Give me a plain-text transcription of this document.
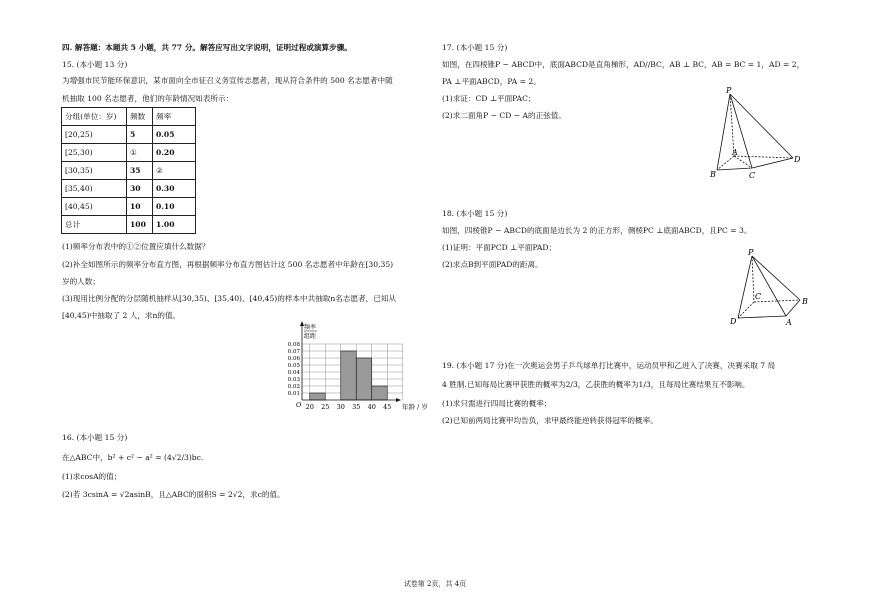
四. 解答题：本题共 5 小题，共 77 分。解答应写出文字说明，证明过程或演算步骤。
15. (本小题 13 分)
为增强市民节能环保意识，某市面向全市征召义务宣传志愿者，现从符合条件的 500 名志愿者中随
机抽取 100 名志愿者，他们的年龄情况如表所示：
分组(单位：岁)	频数	频率
[20,25)	5	0.05
[25,30)	①	0.20
[30,35)	35	②
[35,40)	30	0.30
[40,45)	10	0.10
总计	100	1.00
(1)频率分布表中的①②位置应填什么数据？
(2)补全如图所示的频率分布直方图，再根据频率分布直方图估计这 500 名志愿者中年龄在[30,35)
岁的人数；
(3)现用比例分配的分层随机抽样从[30,35)、[35,40)、[40,45)的样本中共抽取n名志愿者，已知从
[40,45)中抽取了 2 人，求n的值。
频率
组距
O
0.08
0.07
0.06
0.05
0.04
0.03
0.02
0.01
20 25 30 35 40 45 年龄 / 岁
16. (本小题 15 分)
在△ABC中，b² + c² − a² = (4√2/3)bc.
(1)求cosA的值；
(2)若 3csinA = √2asinB，且△ABC的面积S = 2√2，求c的值。
17. (本小题 15 分)
如图，在四棱锥P − ABCD中，底面ABCD是直角梯形，AD//BC，AB ⊥ BC，AB = BC = 1，AD = 2，
PA ⊥平面ABCD，PA = 2。
(1)求证：CD ⊥平面PAC；
(2)求二面角P − CD − A的正弦值。
P
A
B	C
D
18. (本小题 15 分)
如图，四棱锥P − ABCD的底面是边长为 2 的正方形，侧棱PC ⊥底面ABCD，且PC = 3。
(1)证明：平面PCD ⊥平面PAD；
(2)求点B到平面PAD的距离。
P
C
B
D	A
19. (本小题 17 分)在一次奥运会男子乒乓球单打比赛中，运动员甲和乙进入了决赛，决赛采取 7 局
4 胜制.已知每局比赛甲获胜的概率为2/3，乙获胜的概率为1/3，且每局比赛结果互不影响。
(1)求只需进行四局比赛的概率；
(2)已知前两局比赛甲均告负，求甲最终能逆转获得冠军的概率。
试卷第 2页，共 4页
